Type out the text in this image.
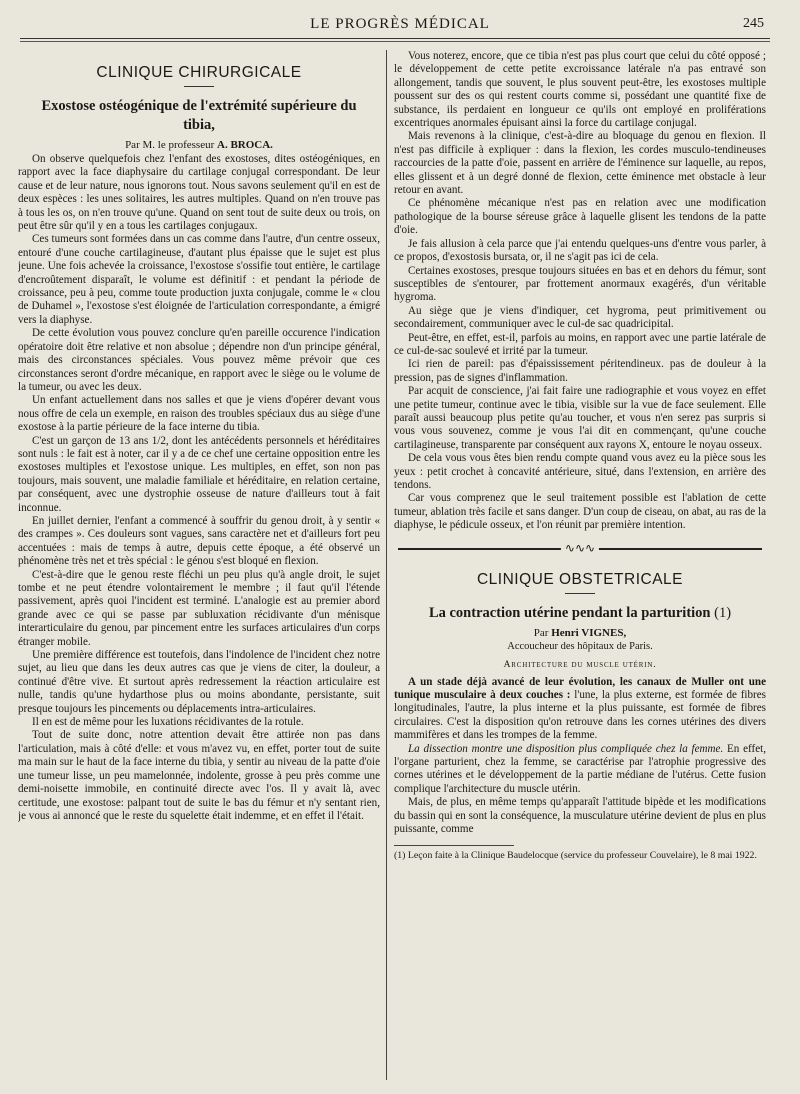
LE PROGRÈS MÉDICAL	245
CLINIQUE CHIRURGICALE
Exostose ostéogénique de l'extrémité supérieure du tibia,
Par M. le professeur A. BROCA.

On observe quelquefois chez l'enfant des exostoses, dites ostéogéniques, en rapport avec la face diaphysaire du cartilage conjugal correspondant. De leur cause et de leur nature, nous ignorons tout. Nous savons seulement qu'il en est de deux espèces : les unes solitaires, les autres multiples. Quand on n'en trouve pas à tous les os, on n'en trouve qu'une. Quand on sent tout de suite deux ou trois, on peut être sûr qu'il y en a tous les cartilages conjugaux.

Ces tumeurs sont formées dans un cas comme dans l'autre, d'un centre osseux, entouré d'une couche cartilagineuse, d'autant plus épaisse que le sujet est plus jeune. Une fois achevée la croissance, l'exostose s'ossifie tout entière, le cartilage d'encroûtement disparaît, le volume est définitif : et pendant la période de croissance, peu à peu, comme toute production juxta conjugale, comme le « clou de Duhamel », l'exostose s'est éloignée de l'articulation correspondante, a émigré vers la diaphyse.

De cette évolution vous pouvez conclure qu'en pareille occurence l'indication opératoire doit être relative et non absolue ; dépendre non d'un principe général, mais des circonstances spéciales. Vous pouvez même prévoir que ces circonstances seront d'ordre mécanique, en rapport avec le siège ou le volume de la tumeur, ou avec les deux.

Un enfant actuellement dans nos salles et que je viens d'opérer devant vous nous offre de cela un exemple, en raison des troubles spéciaux dus au siège d'une exostose à la partie périeure de la face interne du tibia.

C'est un garçon de 13 ans 1/2, dont les antécédents personnels et héréditaires sont nuls : le fait est à noter, car il y a de ce chef une certaine opposition entre les exostoses multiples et l'exostose unique. Les multiples, en effet, son non pas toujours, mais souvent, une maladie familiale et héréditaire, en relation certaine, par conséquent, avec une dystrophie osseuse de nature d'ailleurs tout à fait inconnue.

En juillet dernier, l'enfant a commencé à souffrir du genou droit, à y sentir « des crampes ». Ces douleurs sont vagues, sans caractère net et d'ailleurs fort peu accentuées : mais de temps à autre, depuis cette époque, a été observé un phénomène très net et très spécial : le génou s'est bloqué en flexion.

C'est-à-dire que le genou reste fléchi un peu plus qu'à angle droit, le sujet tombe et ne peut étendre volontairement le membre ; il faut qu'il l'étende passivement, après quoi l'incident est terminé. L'analogie est au premier abord grande avec ce qui se passe par subluxation récidivante d'un ménisque interarticulaire du genou, par pincement entre les surfaces articulaires d'un corps étranger mobile.

Une première différence est toutefois, dans l'indolence de l'incident chez notre sujet, au lieu que dans les deux autres cas que je viens de citer, la douleur, a continué d'être vive. Et surtout après redressement la réaction articulaire est nulle, tandis qu'une hydarthose plus ou moins abondante, persistante, suit presque toujours les pincements ou déplacements intra-articulaires.

Il en est de même pour les luxations récidivantes de la rotule.

Tout de suite donc, notre attention devait être attirée non pas dans l'articulation, mais à côté d'elle: et vous m'avez vu, en effet, porter tout de suite ma main sur le haut de la face interne du tibia, y sentir au niveau de la patte d'oie une tumeur lisse, un peu mamelonnée, indolente, grosse à peu près comme une demi-noisette immobile, en continuité directe avec l'os. Il y avait là, avec certitude, une exostose: palpant tout de suite le bas du fémur et n'y sentant rien, je vous ai annoncé que le reste du squelette était indemme, et en effet il l'était.

Vous noterez, encore, que ce tibia n'est pas plus court que celui du côté opposé ; le développement de cette petite excroissance latérale n'a pas entravé son allongement, tandis que souvent, le plus souvent peut-être, les exostoses multiple poussent sur des os qui restent courts comme si, possédant une quantité fixe de substance, ils perdaient en longueur ce qu'ils ont employé en proliférations excentriques anormales épuisant ainsi la force du cartilage conjugal.

Mais revenons à la clinique, c'est-à-dire au bloquage du genou en flexion. Il n'est pas difficile à expliquer : dans la flexion, les cordes musculo-tendineuses raccourcies de la patte d'oie, passent en arrière de l'éminence sur laquelle, au repos, elles glissent et à un degré donné de flexion, cette éminence met obstacle à leur retour en avant.

Ce phénomène mécanique n'est pas en relation avec une modification pathologique de la bourse séreuse grâce à laquelle glisent les tendons de la patte d'oie.

Je fais allusion à cela parce que j'ai entendu quelques-uns d'entre vous parler, à ce propos, d'exostosis bursata, or, il ne s'agit pas ici de cela.

Certaines exostoses, presque toujours situées en bas et en dehors du fémur, sont susceptibles de s'entourer, par frottement anormaux exagérés, d'un véritable hygroma.

Au siège que je viens d'indiquer, cet hygroma, peut primitivement ou secondairement, communiquer avec le cul-de sac quadricipital.

Peut-être, en effet, est-il, parfois au moins, en rapport avec une partie latérale de ce cul-de-sac soulevé et irrité par la tumeur.

Ici rien de pareil: pas d'épaississement péritendineux. pas de douleur à la pression, pas de signes d'inflammation.

Par acquit de conscience, j'ai fait faire une radiographie et vous voyez en effet une petite tumeur, continue avec le tibia, visible sur la vue de face seulement. Elle paraît aussi beaucoup plus petite qu'au toucher, et vous n'en serez pas surpris si vous vous souvenez, comme je vous l'ai dit en commençant, qu'une couche cartilagineuse, transparente par conséquent aux rayons X, entoure le noyau osseux.

De cela vous vous êtes bien rendu compte quand vous avez eu la pièce sous les yeux : petit crochet à concavité antérieure, situé, dans l'extension, en arrière des tendons.

Car vous comprenez que le seul traitement possible est l'ablation de cette tumeur, ablation très facile et sans danger. D'un coup de ciseau, on abat, au ras de la diaphyse, le pédicule osseux, et l'on réunit par première intention.

∿∿∿
CLINIQUE OBSTETRICALE
La contraction utérine pendant la parturition (1)
Par Henri VIGNES,
Accoucheur des hôpitaux de Paris.
Architecture du muscle utérin.

A un stade déjà avancé de leur évolution, les canaux de Muller ont une tunique musculaire à deux couches : l'une, la plus externe, est formée de fibres longitudinales, l'autre, la plus interne et la plus puissante, est formée de fibres circulaires. C'est la disposition qu'on retrouve dans les cornes utérines des divers mammifères et dans les trompes de la femme.

La dissection montre une disposition plus compliquée chez la femme. En effet, l'organe parturient, chez la femme, se caractérise par l'atrophie progressive des cornes utérines et le développement de la partie médiane de l'utérus. Cette fusion complique l'architecture du muscle utérin.

Mais, de plus, en même temps qu'apparaît l'attitude bipède et les modifications du bassin qui en sont la conséquence, la musculature utérine devient de plus en plus puissante, comme

(1) Leçon faite à la Clinique Baudelocque (service du professeur Couvelaire), le 8 mai 1922.
